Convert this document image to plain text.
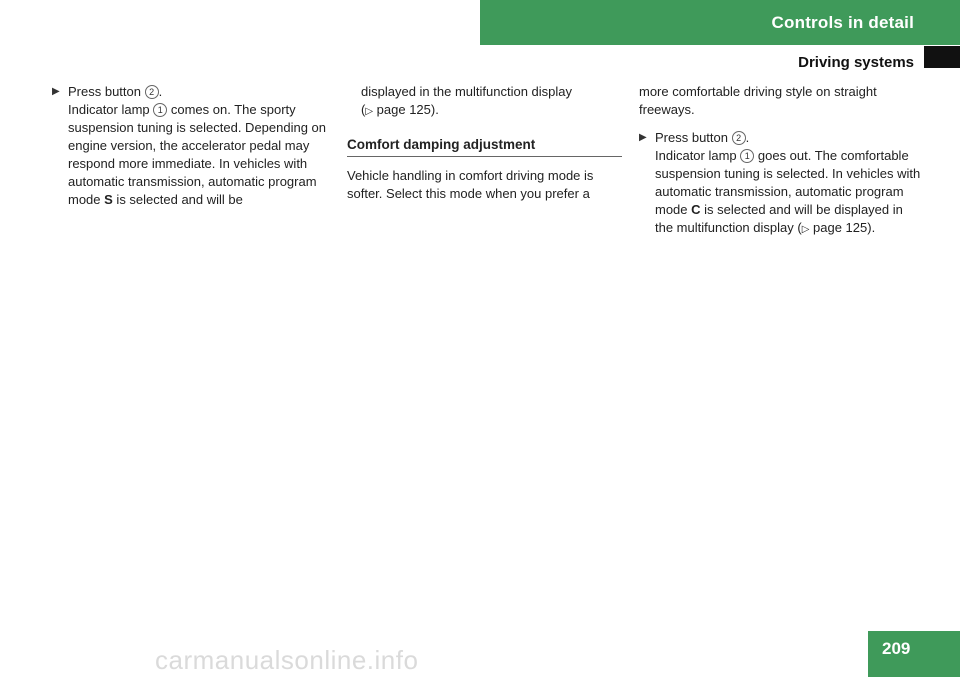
Controls in detail
Driving systems
▶ Press button 2 .
Indicator lamp 1 comes on. The sporty suspension tuning is selected. Depending on engine version, the accelerator pedal may respond more immediate. In vehicles with automatic transmission, automatic program mode S is selected and will be
displayed in the multifunction display
(▷ page 125).
Comfort damping adjustment

Vehicle handling in comfort driving mode is softer. Select this mode when you prefer a

more comfortable driving style on straight freeways.

▶ Press button 2 .
Indicator lamp 1 goes out. The comfortable suspension tuning is selected. In vehicles with automatic transmission, automatic program mode C is selected and will be displayed in the multifunction display (▷ page 125).
209
carmanualsonline.info
